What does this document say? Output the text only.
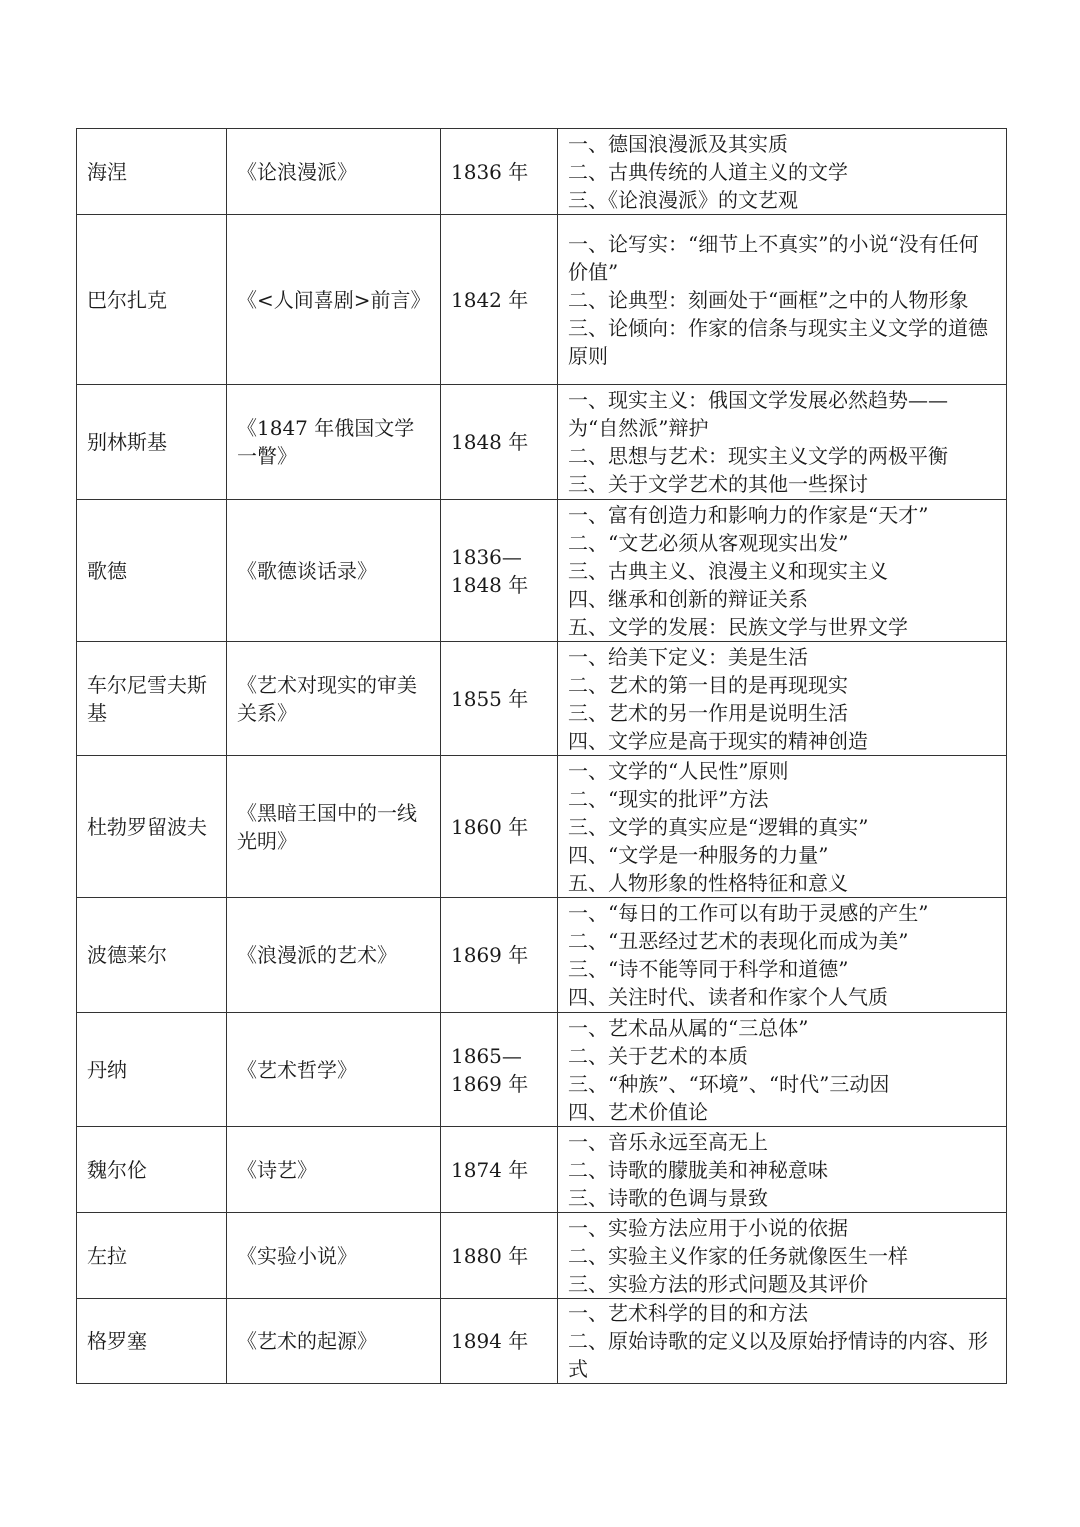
海涅	《论浪漫派》	1836 年	一、德国浪漫派及其实质
二、古典传统的人道主义的文学
三、《论浪漫派》的文艺观

巴尔扎克	《<人间喜剧>前言》	1842 年	一、论写实：“细节上不真实”的小说“没有任何价值”
二、论典型：刻画处于“画框”之中的人物形象
三、论倾向：作家的信条与现实主义文学的道德原则

别林斯基	《1847 年俄国文学一瞥》	1848 年	一、现实主义：俄国文学发展必然趋势——为“自然派”辩护
二、思想与艺术：现实主义文学的两极平衡
三、关于文学艺术的其他一些探讨

歌德	《歌德谈话录》	1836—1848 年	一、富有创造力和影响力的作家是“天才”
二、“文艺必须从客观现实出发”
三、古典主义、浪漫主义和现实主义
四、继承和创新的辩证关系
五、文学的发展：民族文学与世界文学

车尔尼雪夫斯基	《艺术对现实的审美关系》	1855 年	一、给美下定义：美是生活
二、艺术的第一目的是再现现实
三、艺术的另一作用是说明生活
四、文学应是高于现实的精神创造

杜勃罗留波夫	《黑暗王国中的一线光明》	1860 年	一、文学的“人民性”原则
二、“现实的批评”方法
三、文学的真实应是“逻辑的真实”
四、“文学是一种服务的力量”
五、人物形象的性格特征和意义

波德莱尔	《浪漫派的艺术》	1869 年	一、“每日的工作可以有助于灵感的产生”
二、“丑恶经过艺术的表现化而成为美”
三、“诗不能等同于科学和道德”
四、关注时代、读者和作家个人气质

丹纳	《艺术哲学》	1865—1869 年	一、艺术品从属的“三总体”
二、关于艺术的本质
三、“种族”、“环境”、“时代”三动因
四、艺术价值论

魏尔伦	《诗艺》	1874 年	一、音乐永远至高无上
二、诗歌的朦胧美和神秘意味
三、诗歌的色调与景致

左拉	《实验小说》	1880 年	一、实验方法应用于小说的依据
二、实验主义作家的任务就像医生一样
三、实验方法的形式问题及其评价

格罗塞	《艺术的起源》	1894 年	一、艺术科学的目的和方法
二、原始诗歌的定义以及原始抒情诗的内容、形式
